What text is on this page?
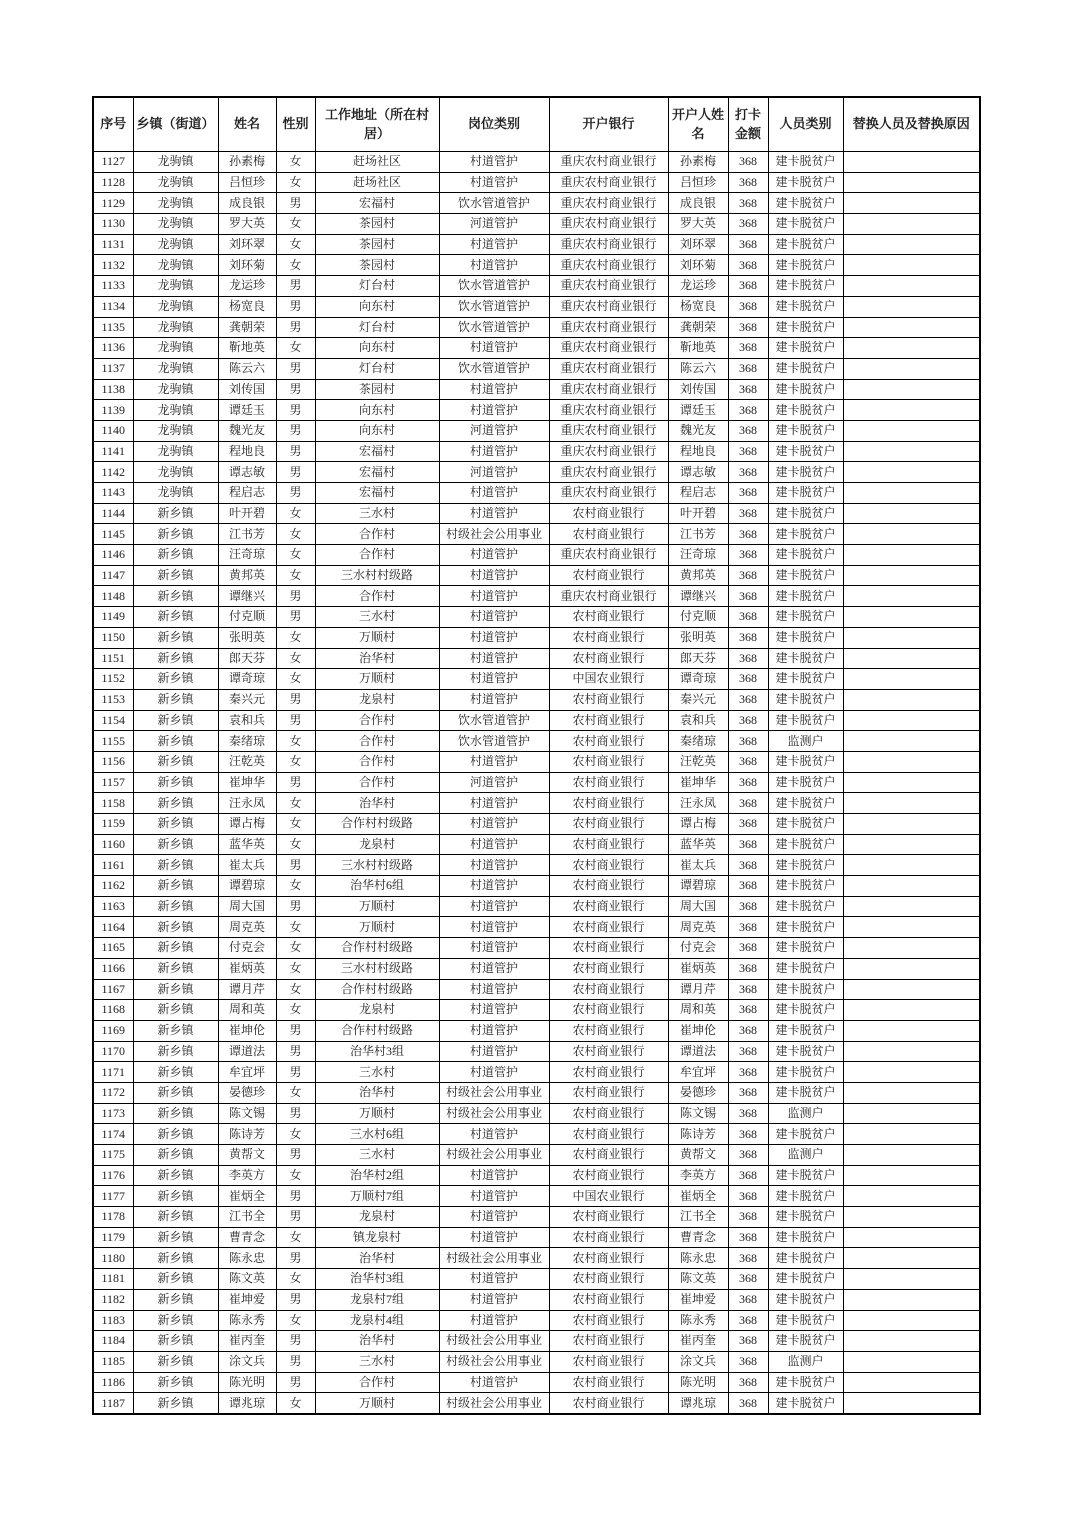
序号	乡镇（街道）	姓名	性别	工作地址（所在村居）	岗位类别	开户银行	开户人姓名	打卡金额	人员类别	替换人员及替换原因
1127	龙驹镇	孙素梅	女	赶场社区	村道管护	重庆农村商业银行	孙素梅	368	建卡脱贫户	
1128	龙驹镇	吕恒珍	女	赶场社区	村道管护	重庆农村商业银行	吕恒珍	368	建卡脱贫户	
1129	龙驹镇	成良银	男	宏福村	饮水管道管护	重庆农村商业银行	成良银	368	建卡脱贫户	
1130	龙驹镇	罗大英	女	茶园村	河道管护	重庆农村商业银行	罗大英	368	建卡脱贫户	
1131	龙驹镇	刘环翠	女	茶园村	村道管护	重庆农村商业银行	刘环翠	368	建卡脱贫户	
1132	龙驹镇	刘环菊	女	茶园村	村道管护	重庆农村商业银行	刘环菊	368	建卡脱贫户	
1133	龙驹镇	龙运珍	男	灯台村	饮水管道管护	重庆农村商业银行	龙运珍	368	建卡脱贫户	
1134	龙驹镇	杨宽良	男	向东村	饮水管道管护	重庆农村商业银行	杨宽良	368	建卡脱贫户	
1135	龙驹镇	龚朝荣	男	灯台村	饮水管道管护	重庆农村商业银行	龚朝荣	368	建卡脱贫户	
1136	龙驹镇	靳地英	女	向东村	村道管护	重庆农村商业银行	靳地英	368	建卡脱贫户	
1137	龙驹镇	陈云六	男	灯台村	饮水管道管护	重庆农村商业银行	陈云六	368	建卡脱贫户	
1138	龙驹镇	刘传国	男	茶园村	村道管护	重庆农村商业银行	刘传国	368	建卡脱贫户	
1139	龙驹镇	谭廷玉	男	向东村	村道管护	重庆农村商业银行	谭廷玉	368	建卡脱贫户	
1140	龙驹镇	魏光友	男	向东村	河道管护	重庆农村商业银行	魏光友	368	建卡脱贫户	
1141	龙驹镇	程地良	男	宏福村	村道管护	重庆农村商业银行	程地良	368	建卡脱贫户	
1142	龙驹镇	谭志敏	男	宏福村	河道管护	重庆农村商业银行	谭志敏	368	建卡脱贫户	
1143	龙驹镇	程启志	男	宏福村	村道管护	重庆农村商业银行	程启志	368	建卡脱贫户	
1144	新乡镇	叶开碧	女	三水村	村道管护	农村商业银行	叶开碧	368	建卡脱贫户	
1145	新乡镇	江书芳	女	合作村	村级社会公用事业	农村商业银行	江书芳	368	建卡脱贫户	
1146	新乡镇	汪奇琼	女	合作村	村道管护	重庆农村商业银行	汪奇琼	368	建卡脱贫户	
1147	新乡镇	黄邦英	女	三水村村级路	村道管护	农村商业银行	黄邦英	368	建卡脱贫户	
1148	新乡镇	谭继兴	男	合作村	村道管护	重庆农村商业银行	谭继兴	368	建卡脱贫户	
1149	新乡镇	付克顺	男	三水村	村道管护	农村商业银行	付克顺	368	建卡脱贫户	
1150	新乡镇	张明英	女	万顺村	村道管护	农村商业银行	张明英	368	建卡脱贫户	
1151	新乡镇	郎天芬	女	治华村	村道管护	农村商业银行	郎天芬	368	建卡脱贫户	
1152	新乡镇	谭奇琼	女	万顺村	村道管护	中国农业银行	谭奇琼	368	建卡脱贫户	
1153	新乡镇	秦兴元	男	龙泉村	村道管护	农村商业银行	秦兴元	368	建卡脱贫户	
1154	新乡镇	袁和兵	男	合作村	饮水管道管护	农村商业银行	袁和兵	368	建卡脱贫户	
1155	新乡镇	秦绪琼	女	合作村	饮水管道管护	农村商业银行	秦绪琼	368	监测户	
1156	新乡镇	汪乾英	女	合作村	村道管护	农村商业银行	汪乾英	368	建卡脱贫户	
1157	新乡镇	崔坤华	男	合作村	河道管护	农村商业银行	崔坤华	368	建卡脱贫户	
1158	新乡镇	汪永凤	女	治华村	村道管护	农村商业银行	汪永凤	368	建卡脱贫户	
1159	新乡镇	谭占梅	女	合作村村级路	村道管护	农村商业银行	谭占梅	368	建卡脱贫户	
1160	新乡镇	蓝华英	女	龙泉村	村道管护	农村商业银行	蓝华英	368	建卡脱贫户	
1161	新乡镇	崔太兵	男	三水村村级路	村道管护	农村商业银行	崔太兵	368	建卡脱贫户	
1162	新乡镇	谭碧琼	女	治华村6组	村道管护	农村商业银行	谭碧琼	368	建卡脱贫户	
1163	新乡镇	周大国	男	万顺村	村道管护	农村商业银行	周大国	368	建卡脱贫户	
1164	新乡镇	周克英	女	万顺村	村道管护	农村商业银行	周克英	368	建卡脱贫户	
1165	新乡镇	付克会	女	合作村村级路	村道管护	农村商业银行	付克会	368	建卡脱贫户	
1166	新乡镇	崔炳英	女	三水村村级路	村道管护	农村商业银行	崔炳英	368	建卡脱贫户	
1167	新乡镇	谭月芹	女	合作村村级路	村道管护	农村商业银行	谭月芹	368	建卡脱贫户	
1168	新乡镇	周和英	女	龙泉村	村道管护	农村商业银行	周和英	368	建卡脱贫户	
1169	新乡镇	崔坤伦	男	合作村村级路	村道管护	农村商业银行	崔坤伦	368	建卡脱贫户	
1170	新乡镇	谭道法	男	治华村3组	村道管护	农村商业银行	谭道法	368	建卡脱贫户	
1171	新乡镇	牟宜坪	男	三水村	村道管护	农村商业银行	牟宜坪	368	建卡脱贫户	
1172	新乡镇	晏德珍	女	治华村	村级社会公用事业	农村商业银行	晏德珍	368	建卡脱贫户	
1173	新乡镇	陈文锡	男	万顺村	村级社会公用事业	农村商业银行	陈文锡	368	监测户	
1174	新乡镇	陈诗芳	女	三水村6组	村道管护	农村商业银行	陈诗芳	368	建卡脱贫户	
1175	新乡镇	黄帮文	男	三水村	村级社会公用事业	农村商业银行	黄帮文	368	监测户	
1176	新乡镇	李英方	女	治华村2组	村道管护	农村商业银行	李英方	368	建卡脱贫户	
1177	新乡镇	崔炳全	男	万顺村7组	村道管护	中国农业银行	崔炳全	368	建卡脱贫户	
1178	新乡镇	江书全	男	龙泉村	村道管护	农村商业银行	江书全	368	建卡脱贫户	
1179	新乡镇	曹青念	女	镇龙泉村	村道管护	农村商业银行	曹青念	368	建卡脱贫户	
1180	新乡镇	陈永忠	男	治华村	村级社会公用事业	农村商业银行	陈永忠	368	建卡脱贫户	
1181	新乡镇	陈文英	女	治华村3组	村道管护	农村商业银行	陈文英	368	建卡脱贫户	
1182	新乡镇	崔坤爱	男	龙泉村7组	村道管护	农村商业银行	崔坤爱	368	建卡脱贫户	
1183	新乡镇	陈永秀	女	龙泉村4组	村道管护	农村商业银行	陈永秀	368	建卡脱贫户	
1184	新乡镇	崔丙奎	男	治华村	村级社会公用事业	农村商业银行	崔丙奎	368	建卡脱贫户	
1185	新乡镇	涂文兵	男	三水村	村级社会公用事业	农村商业银行	涂文兵	368	监测户	
1186	新乡镇	陈光明	男	合作村	村道管护	农村商业银行	陈光明	368	建卡脱贫户	
1187	新乡镇	谭兆琼	女	万顺村	村级社会公用事业	农村商业银行	谭兆琼	368	建卡脱贫户	
